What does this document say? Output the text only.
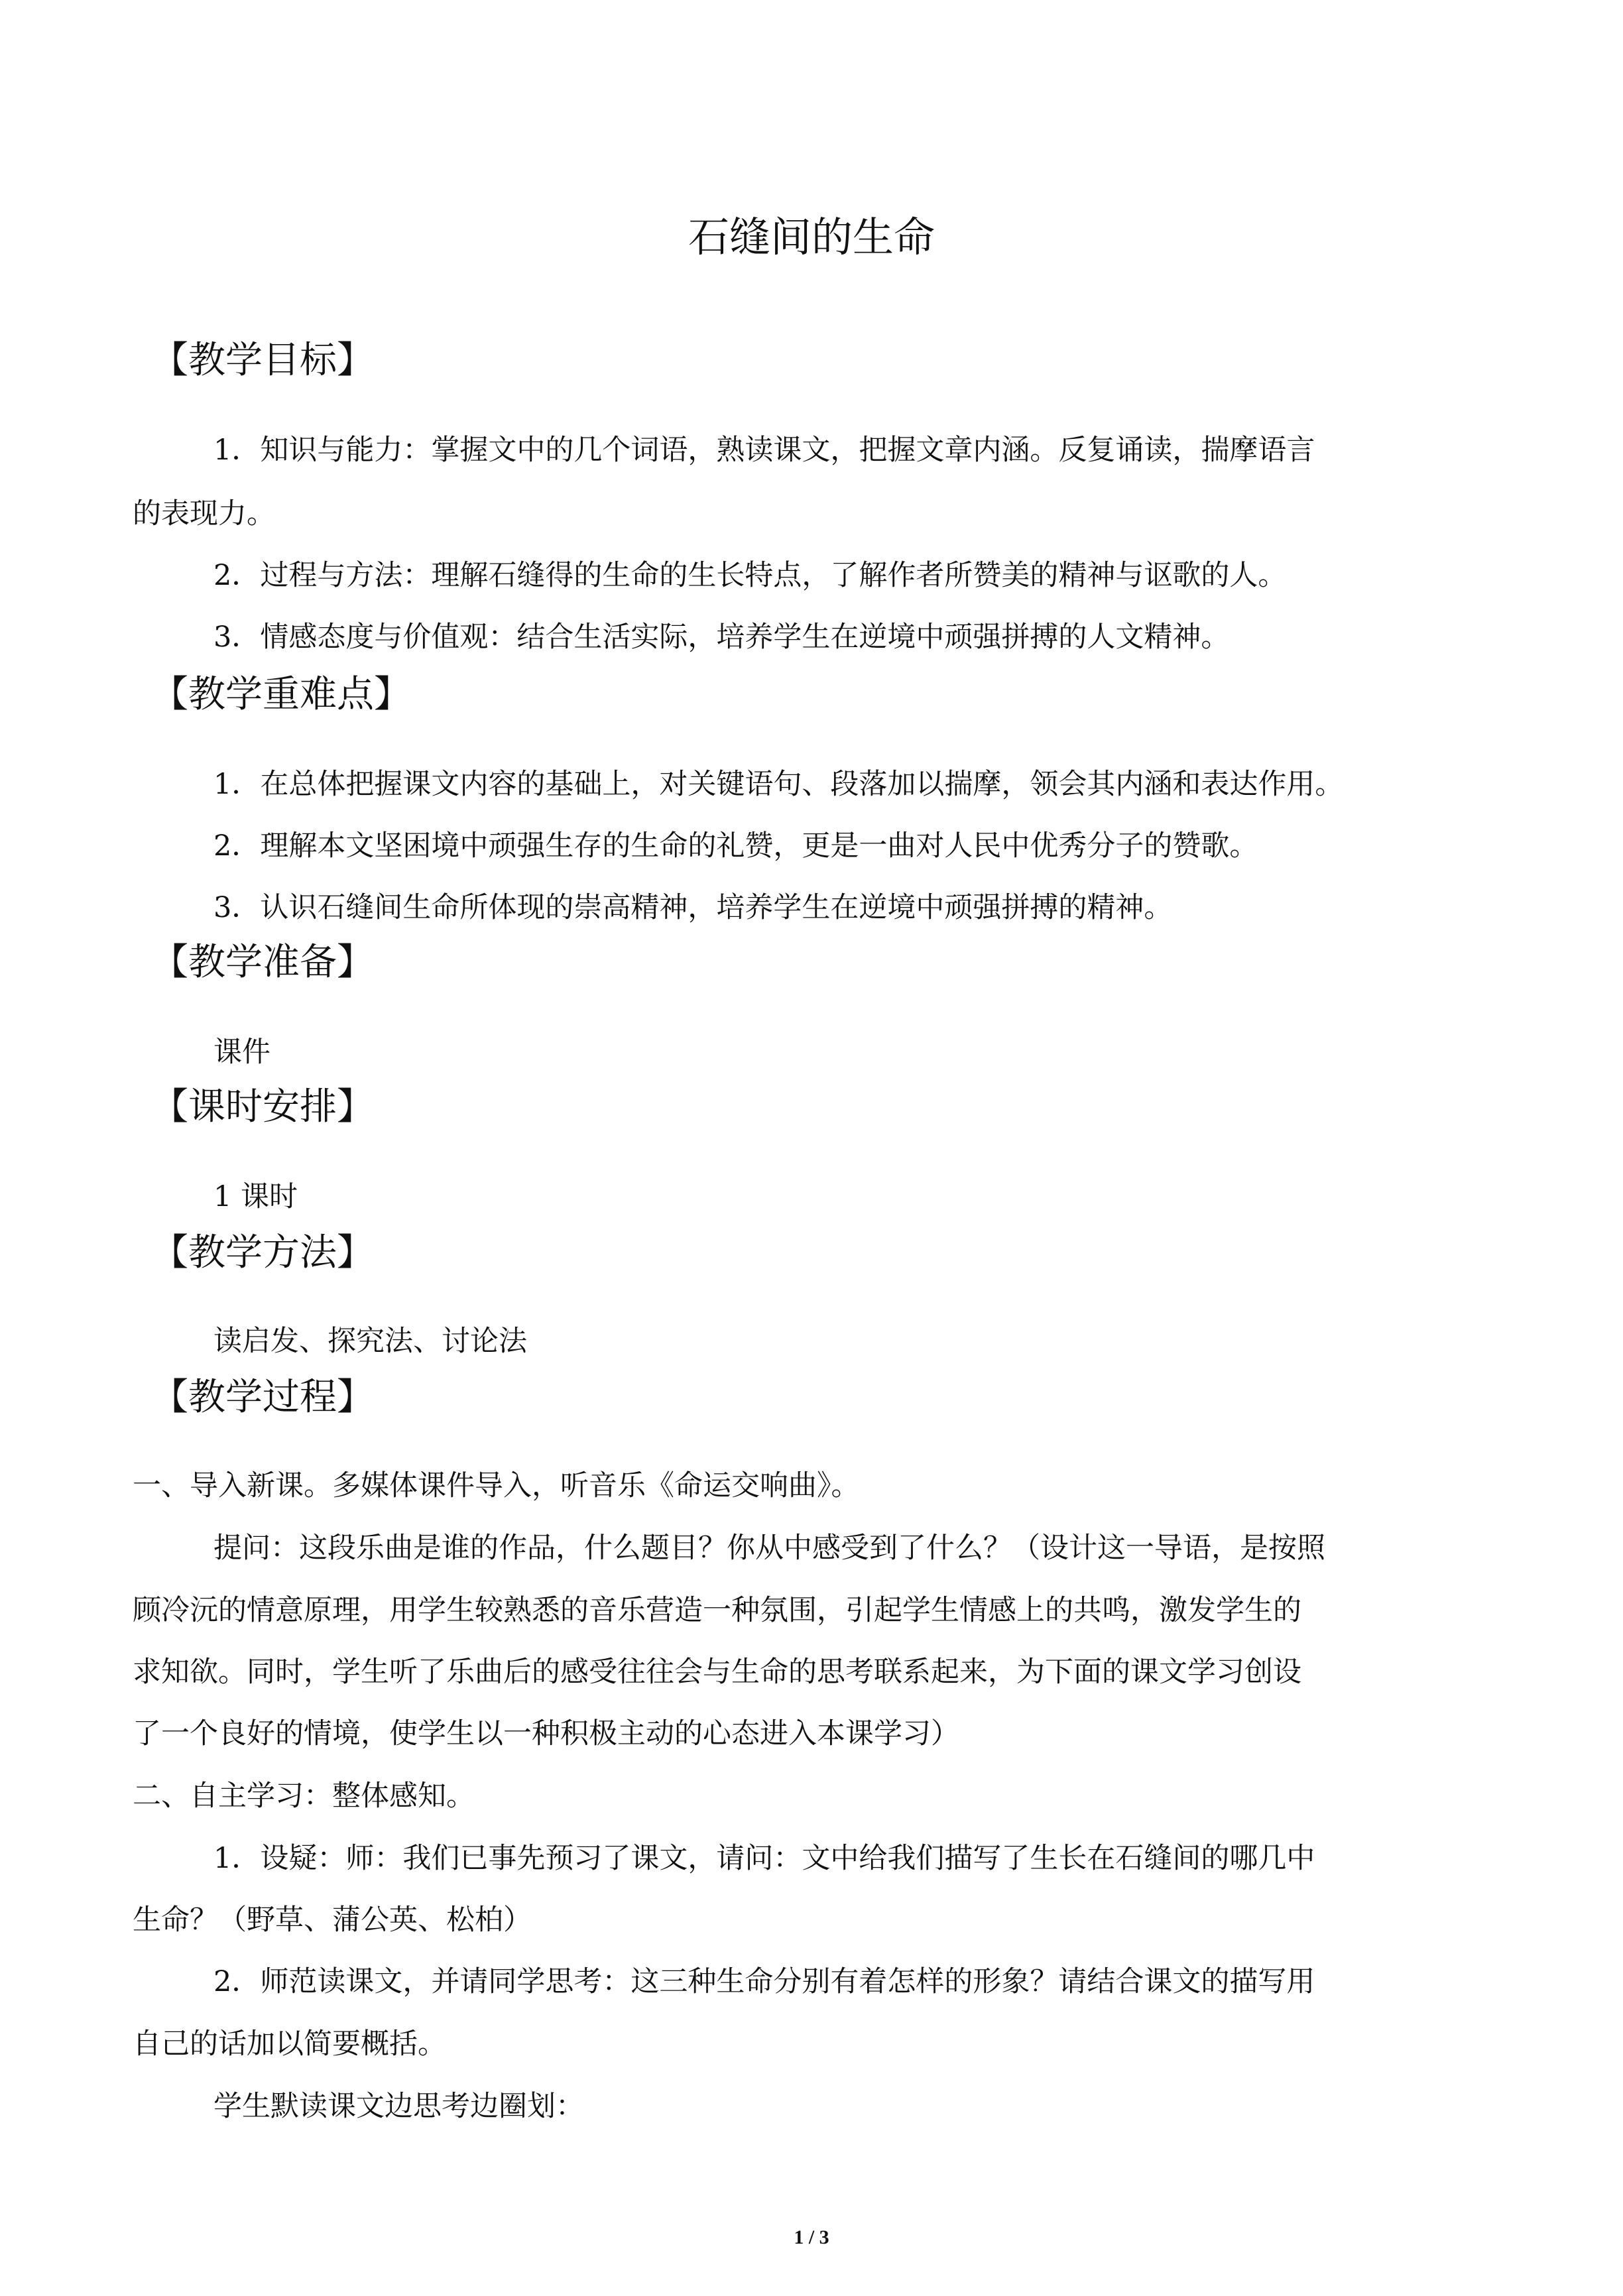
石缝间的生命
【教学目标】
1．知识与能力：掌握文中的几个词语，熟读课文，把握文章内涵。反复诵读，揣摩语言
的表现力。
2．过程与方法：理解石缝得的生命的生长特点，了解作者所赞美的精神与讴歌的人。
3．情感态度与价值观：结合生活实际，培养学生在逆境中顽强拼搏的人文精神。
【教学重难点】
1．在总体把握课文内容的基础上，对关键语句、段落加以揣摩，领会其内涵和表达作用。
2．理解本文坚困境中顽强生存的生命的礼赞，更是一曲对人民中优秀分子的赞歌。
3．认识石缝间生命所体现的崇高精神，培养学生在逆境中顽强拼搏的精神。
【教学准备】
课件
【课时安排】
1 课时
【教学方法】
读启发、探究法、讨论法
【教学过程】
一、导入新课。多媒体课件导入，听音乐《命运交响曲》。
提问：这段乐曲是谁的作品，什么题目？你从中感受到了什么？（设计这一导语，是按照
顾冷沅的情意原理，用学生较熟悉的音乐营造一种氛围，引起学生情感上的共鸣，激发学生的
求知欲。同时，学生听了乐曲后的感受往往会与生命的思考联系起来，为下面的课文学习创设
了一个良好的情境，使学生以一种积极主动的心态进入本课学习）
二、自主学习：整体感知。
1．设疑：师：我们已事先预习了课文，请问：文中给我们描写了生长在石缝间的哪几中
生命？（野草、蒲公英、松柏）
2．师范读课文，并请同学思考：这三种生命分别有着怎样的形象？请结合课文的描写用
自己的话加以简要概括。
学生默读课文边思考边圈划：
1 / 3
